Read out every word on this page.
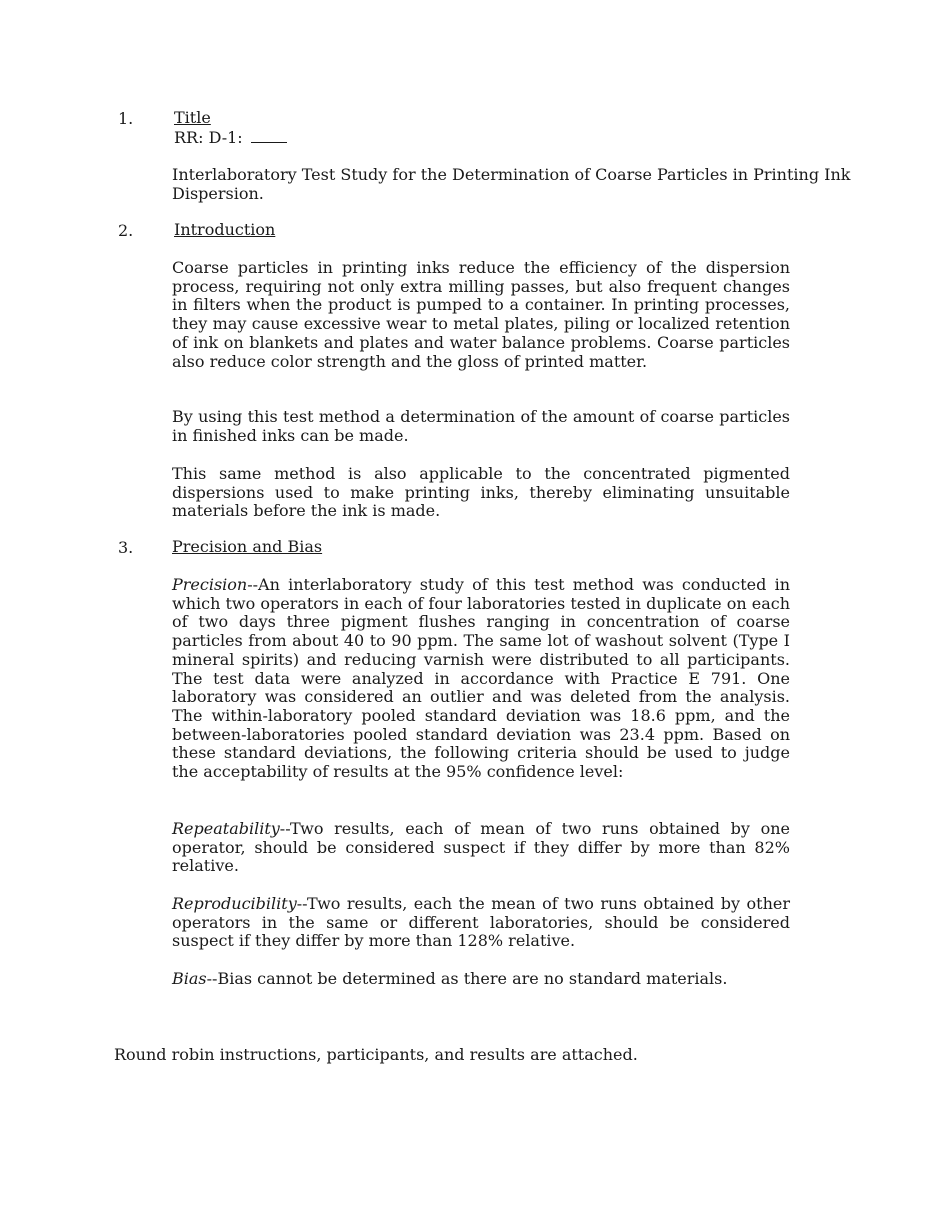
1.	Title
RR: D-1:
Interlaboratory Test Study for the Determination of Coarse Particles in Printing Ink Dispersion.
2.	Introduction
Coarse particles in printing inks reduce the efficiency of the dispersion process, requiring not only extra milling passes, but also frequent changes in filters when the product is pumped to a container. In printing processes, they may cause excessive wear to metal plates, piling or localized retention of ink on blankets and plates and water balance problems. Coarse particles also reduce color strength and the gloss of printed matter.
By using this test method a determination of the amount of coarse particles in finished inks can be made.
This same method is also applicable to the concentrated pigmented dispersions used to make printing inks, thereby eliminating unsuitable materials before the ink is made.
3. Precision and Bias
Precision--An interlaboratory study of this test method was conducted in which two operators in each of four laboratories tested in duplicate on each of two days three pigment flushes ranging in concentration of coarse particles from about 40 to 90 ppm. The same lot of washout solvent (Type I mineral spirits) and reducing varnish were distributed to all participants. The test data were analyzed in accordance with Practice E 791. One laboratory was considered an outlier and was deleted from the analysis. The within-laboratory pooled standard deviation was 18.6 ppm, and the between-laboratories pooled standard deviation was 23.4 ppm. Based on these standard deviations, the following criteria should be used to judge the acceptability of results at the 95% confidence level:
Repeatability--Two results, each of mean of two runs obtained by one operator, should be considered suspect if they differ by more than 82% relative.
Reproducibility--Two results, each the mean of two runs obtained by other operators in the same or different laboratories, should be considered suspect if they differ by more than 128% relative.
Bias--Bias cannot be determined as there are no standard materials.
Round robin instructions, participants, and results are attached.
